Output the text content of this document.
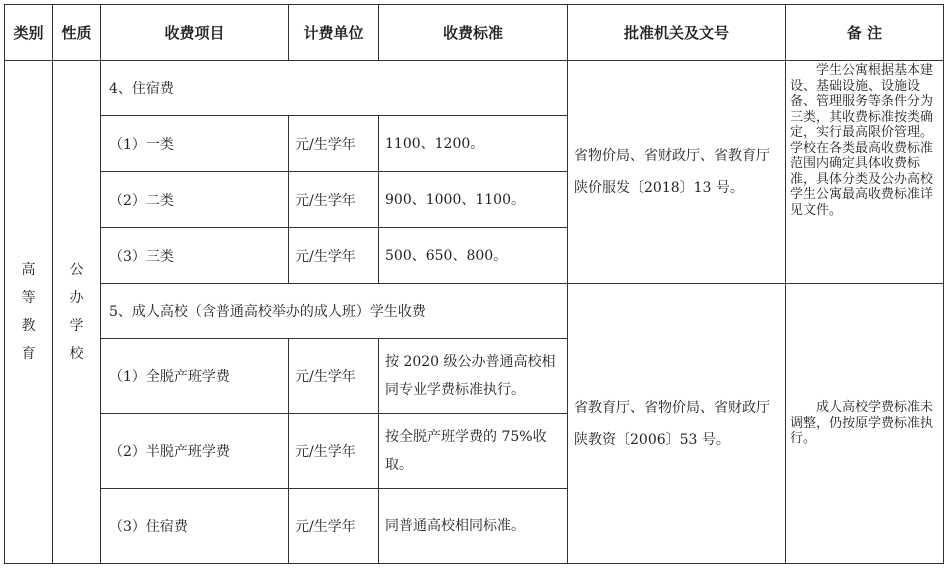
类别	性质	收费项目	计费单位	收费标准	批准机关及文号	备 注
高等教育	公办学校	4、住宿费			省物价局、省财政厅、省教育厅陕价服发〔2018〕13 号。	学生公寓根据基本建设、基础设施、设施设备、管理服务等条件分为三类，其收费标准按类确定，实行最高限价管理。学校在各类最高收费标准范围内确定具体收费标准，具体分类及公办高校学生公寓最高收费标准详见文件。
		（1）一类	元/生学年	1100、1200。		
		（2）二类	元/生学年	900、1000、1100。		
		（3）三类	元/生学年	500、650、800。		
		5、成人高校（含普通高校举办的成人班）学生收费			省教育厅、省物价局、省财政厅陕教资〔2006〕53 号。	成人高校学费标准未调整，仍按原学费标准执行。
		（1）全脱产班学费	元/生学年	按 2020 级公办普通高校相同专业学费标准执行。		
		（2）半脱产班学费	元/生学年	按全脱产班学费的 75%收取。		
		（3）住宿费	元/生学年	同普通高校相同标准。		
